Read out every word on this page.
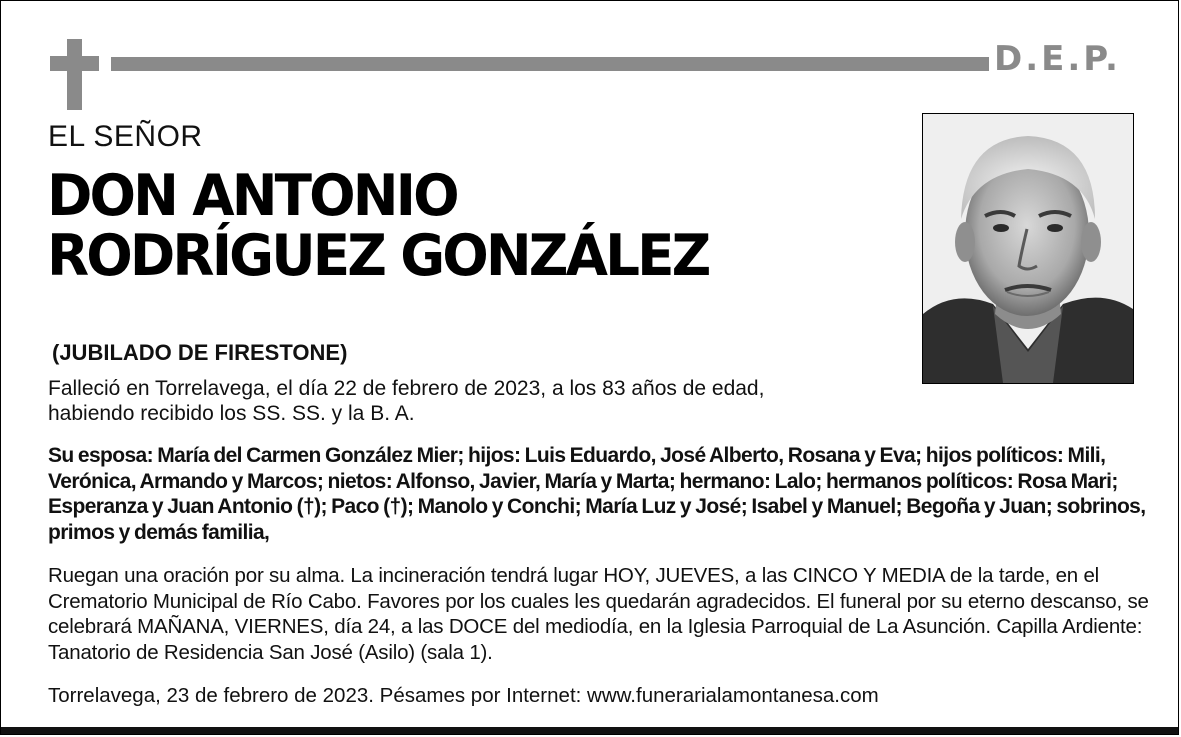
D.E.P.
EL SEÑOR
DON ANTONIO
RODRÍGUEZ GONZÁLEZ
(JUBILADO DE FIRESTONE)
Falleció en Torrelavega, el día 22 de febrero de 2023, a los 83 años de edad,
habiendo recibido los SS. SS. y la B. A.
Su esposa: María del Carmen González Mier; hijos: Luis Eduardo, José Alberto, Rosana y Eva; hijos políticos: Mili, Verónica, Armando y Marcos; nietos: Alfonso, Javier, María y Marta; hermano: Lalo; hermanos políticos: Rosa Mari; Esperanza y Juan Antonio (†); Paco (†); Manolo y Conchi; María Luz y José; Isabel y Manuel; Begoña y Juan; sobrinos, primos y demás familia,
Ruegan una oración por su alma. La incineración tendrá lugar HOY, JUEVES, a las CINCO Y MEDIA de la tarde, en el Crematorio Municipal de Río Cabo. Favores por los cuales les quedarán agradecidos. El funeral por su eterno descanso, se celebrará MAÑANA, VIERNES, día 24, a las DOCE del mediodía, en la Iglesia Parroquial de La Asunción. Capilla Ardiente: Tanatorio de Residencia San José (Asilo) (sala 1).
Torrelavega, 23 de febrero de 2023. Pésames por Internet: www.funerarialamontanesa.com
